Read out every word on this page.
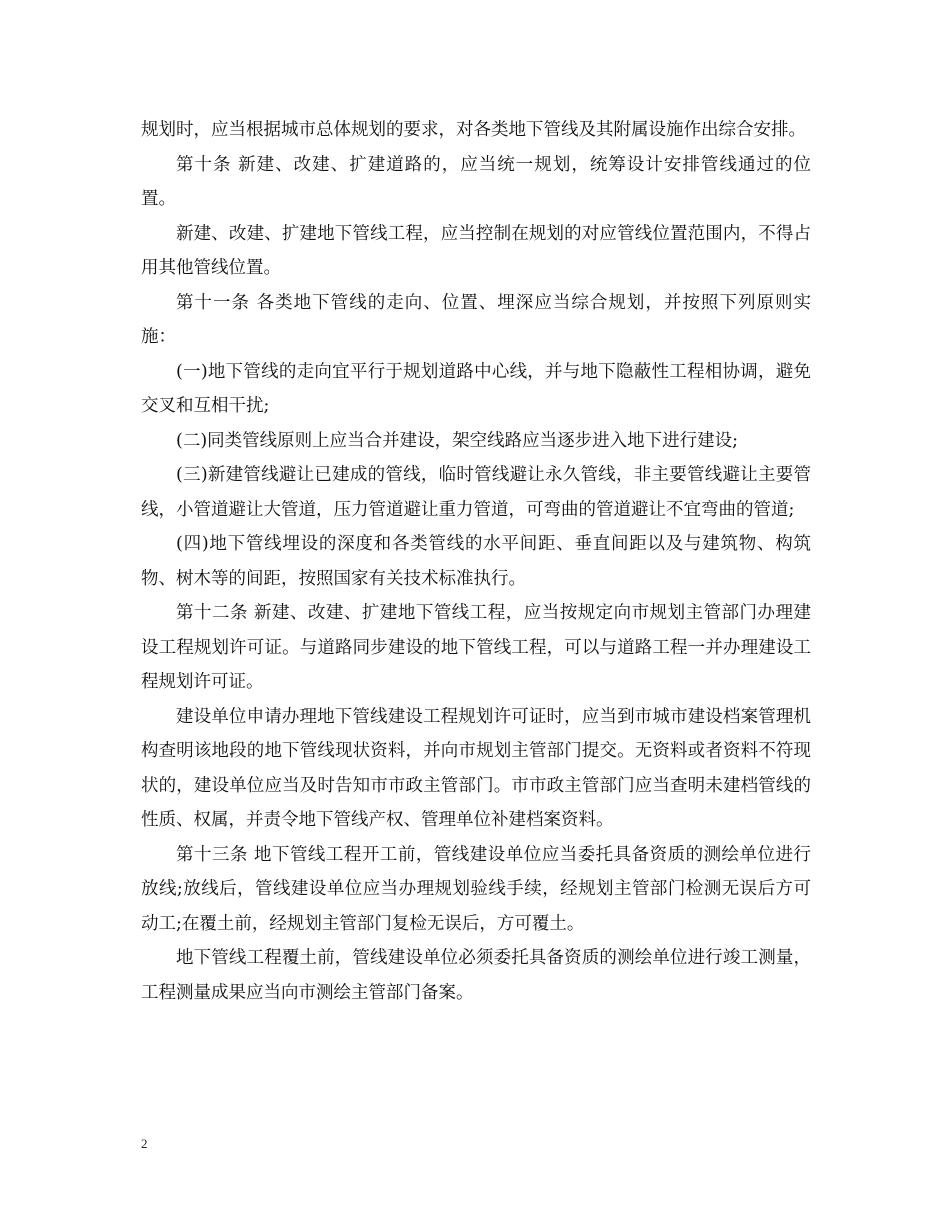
规划时，应当根据城市总体规划的要求，对各类地下管线及其附属设施作出综合安排。

第十条 新建、改建、扩建道路的，应当统一规划，统筹设计安排管线通过的位置。

新建、改建、扩建地下管线工程，应当控制在规划的对应管线位置范围内，不得占用其他管线位置。

第十一条 各类地下管线的走向、位置、埋深应当综合规划，并按照下列原则实施：

(一)地下管线的走向宜平行于规划道路中心线，并与地下隐蔽性工程相协调，避免交叉和互相干扰;

(二)同类管线原则上应当合并建设，架空线路应当逐步进入地下进行建设;

(三)新建管线避让已建成的管线，临时管线避让永久管线，非主要管线避让主要管线，小管道避让大管道，压力管道避让重力管道，可弯曲的管道避让不宜弯曲的管道;

(四)地下管线埋设的深度和各类管线的水平间距、垂直间距以及与建筑物、构筑物、树木等的间距，按照国家有关技术标准执行。

第十二条 新建、改建、扩建地下管线工程，应当按规定向市规划主管部门办理建设工程规划许可证。与道路同步建设的地下管线工程，可以与道路工程一并办理建设工程规划许可证。

建设单位申请办理地下管线建设工程规划许可证时，应当到市城市建设档案管理机构查明该地段的地下管线现状资料，并向市规划主管部门提交。无资料或者资料不符现状的，建设单位应当及时告知市市政主管部门。市市政主管部门应当查明未建档管线的性质、权属，并责令地下管线产权、管理单位补建档案资料。

第十三条 地下管线工程开工前，管线建设单位应当委托具备资质的测绘单位进行放线;放线后，管线建设单位应当办理规划验线手续，经规划主管部门检测无误后方可动工;在覆土前，经规划主管部门复检无误后，方可覆土。

地下管线工程覆土前，管线建设单位必须委托具备资质的测绘单位进行竣工测量，工程测量成果应当向市测绘主管部门备案。

2
